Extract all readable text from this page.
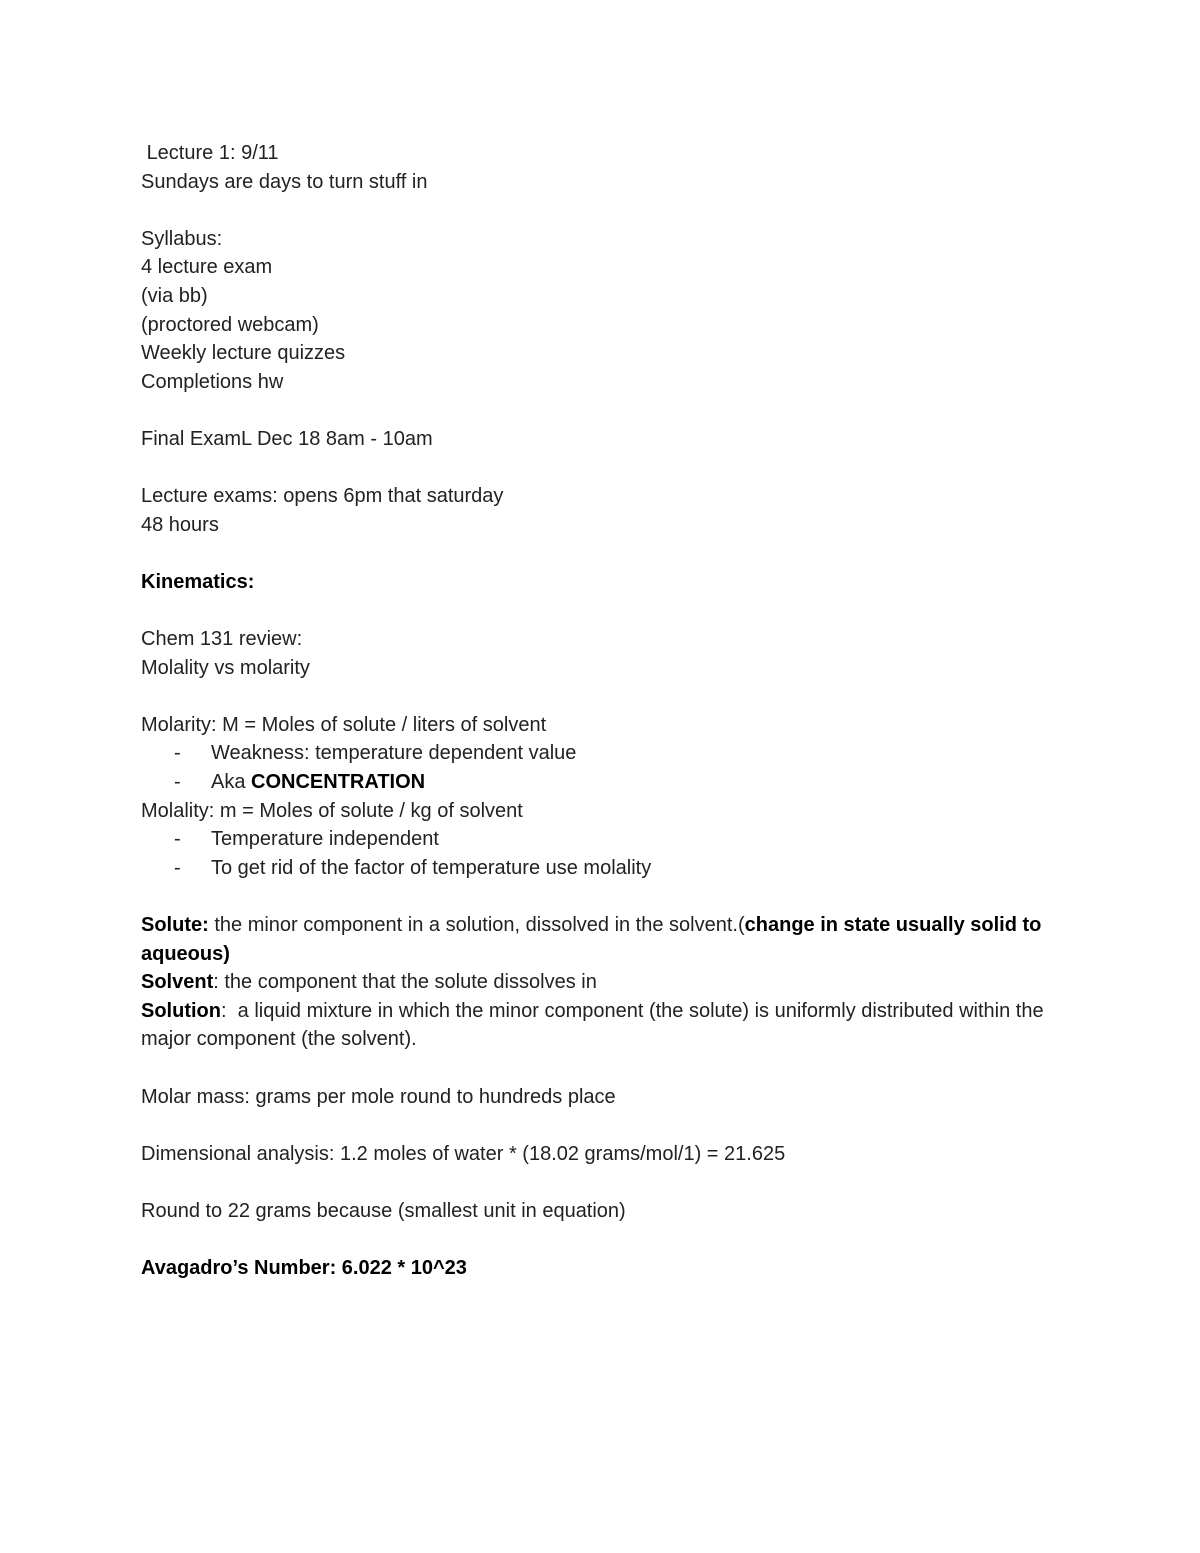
Lecture 1: 9/11
Sundays are days to turn stuff in
Syllabus:
4 lecture exam
(via bb)
(proctored webcam)
Weekly lecture quizzes
Completions hw
Final ExamL Dec 18 8am - 10am
Lecture exams: opens 6pm that saturday
48 hours
Kinematics:
Chem 131 review:
Molality vs molarity
Molarity: M = Moles of solute / liters of solvent
- Weakness: temperature dependent value
- Aka CONCENTRATION
Molality: m = Moles of solute / kg of solvent
- Temperature independent
- To get rid of the factor of temperature use molality
Solute: the minor component in a solution, dissolved in the solvent.(change in state usually solid to aqueous)
Solvent: the component that the solute dissolves in
Solution:  a liquid mixture in which the minor component (the solute) is uniformly distributed within the major component (the solvent).
Molar mass: grams per mole round to hundreds place
Dimensional analysis: 1.2 moles of water * (18.02 grams/mol/1) = 21.625
Round to 22 grams because (smallest unit in equation)
Avagadro’s Number: 6.022 * 10^23
